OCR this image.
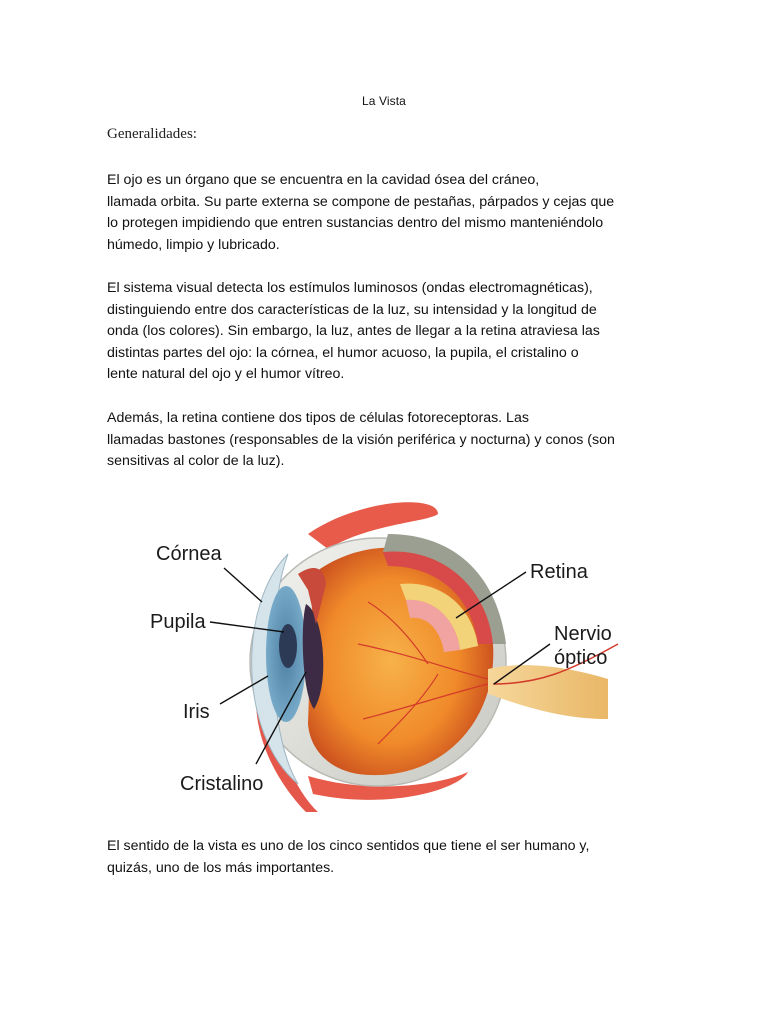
La Vista
Generalidades:

El ojo es un órgano que se encuentra en la cavidad ósea del cráneo,
llamada orbita. Su parte externa se compone de pestañas, párpados y cejas que
lo protegen impidiendo que entren sustancias dentro del mismo manteniéndolo
húmedo, limpio y lubricado.

El sistema visual detecta los estímulos luminosos (ondas electromagnéticas),
distinguiendo entre dos características de la luz, su intensidad y la longitud de
onda (los colores). Sin embargo, la luz, antes de llegar a la retina atraviesa las
distintas partes del ojo: la córnea, el humor acuoso, la pupila, el cristalino o
lente natural del ojo y el humor vítreo.

Además, la retina contiene dos tipos de células fotoreceptoras. Las
llamadas bastones (responsables de la visión periférica y nocturna) y conos (son
sensitivas al color de la luz).

Córnea
Pupila
Iris
Cristalino
Retina
Nervio
óptico

El sentido de la vista es uno de los cinco sentidos que tiene el ser humano y,
quizás, uno de los más importantes.
